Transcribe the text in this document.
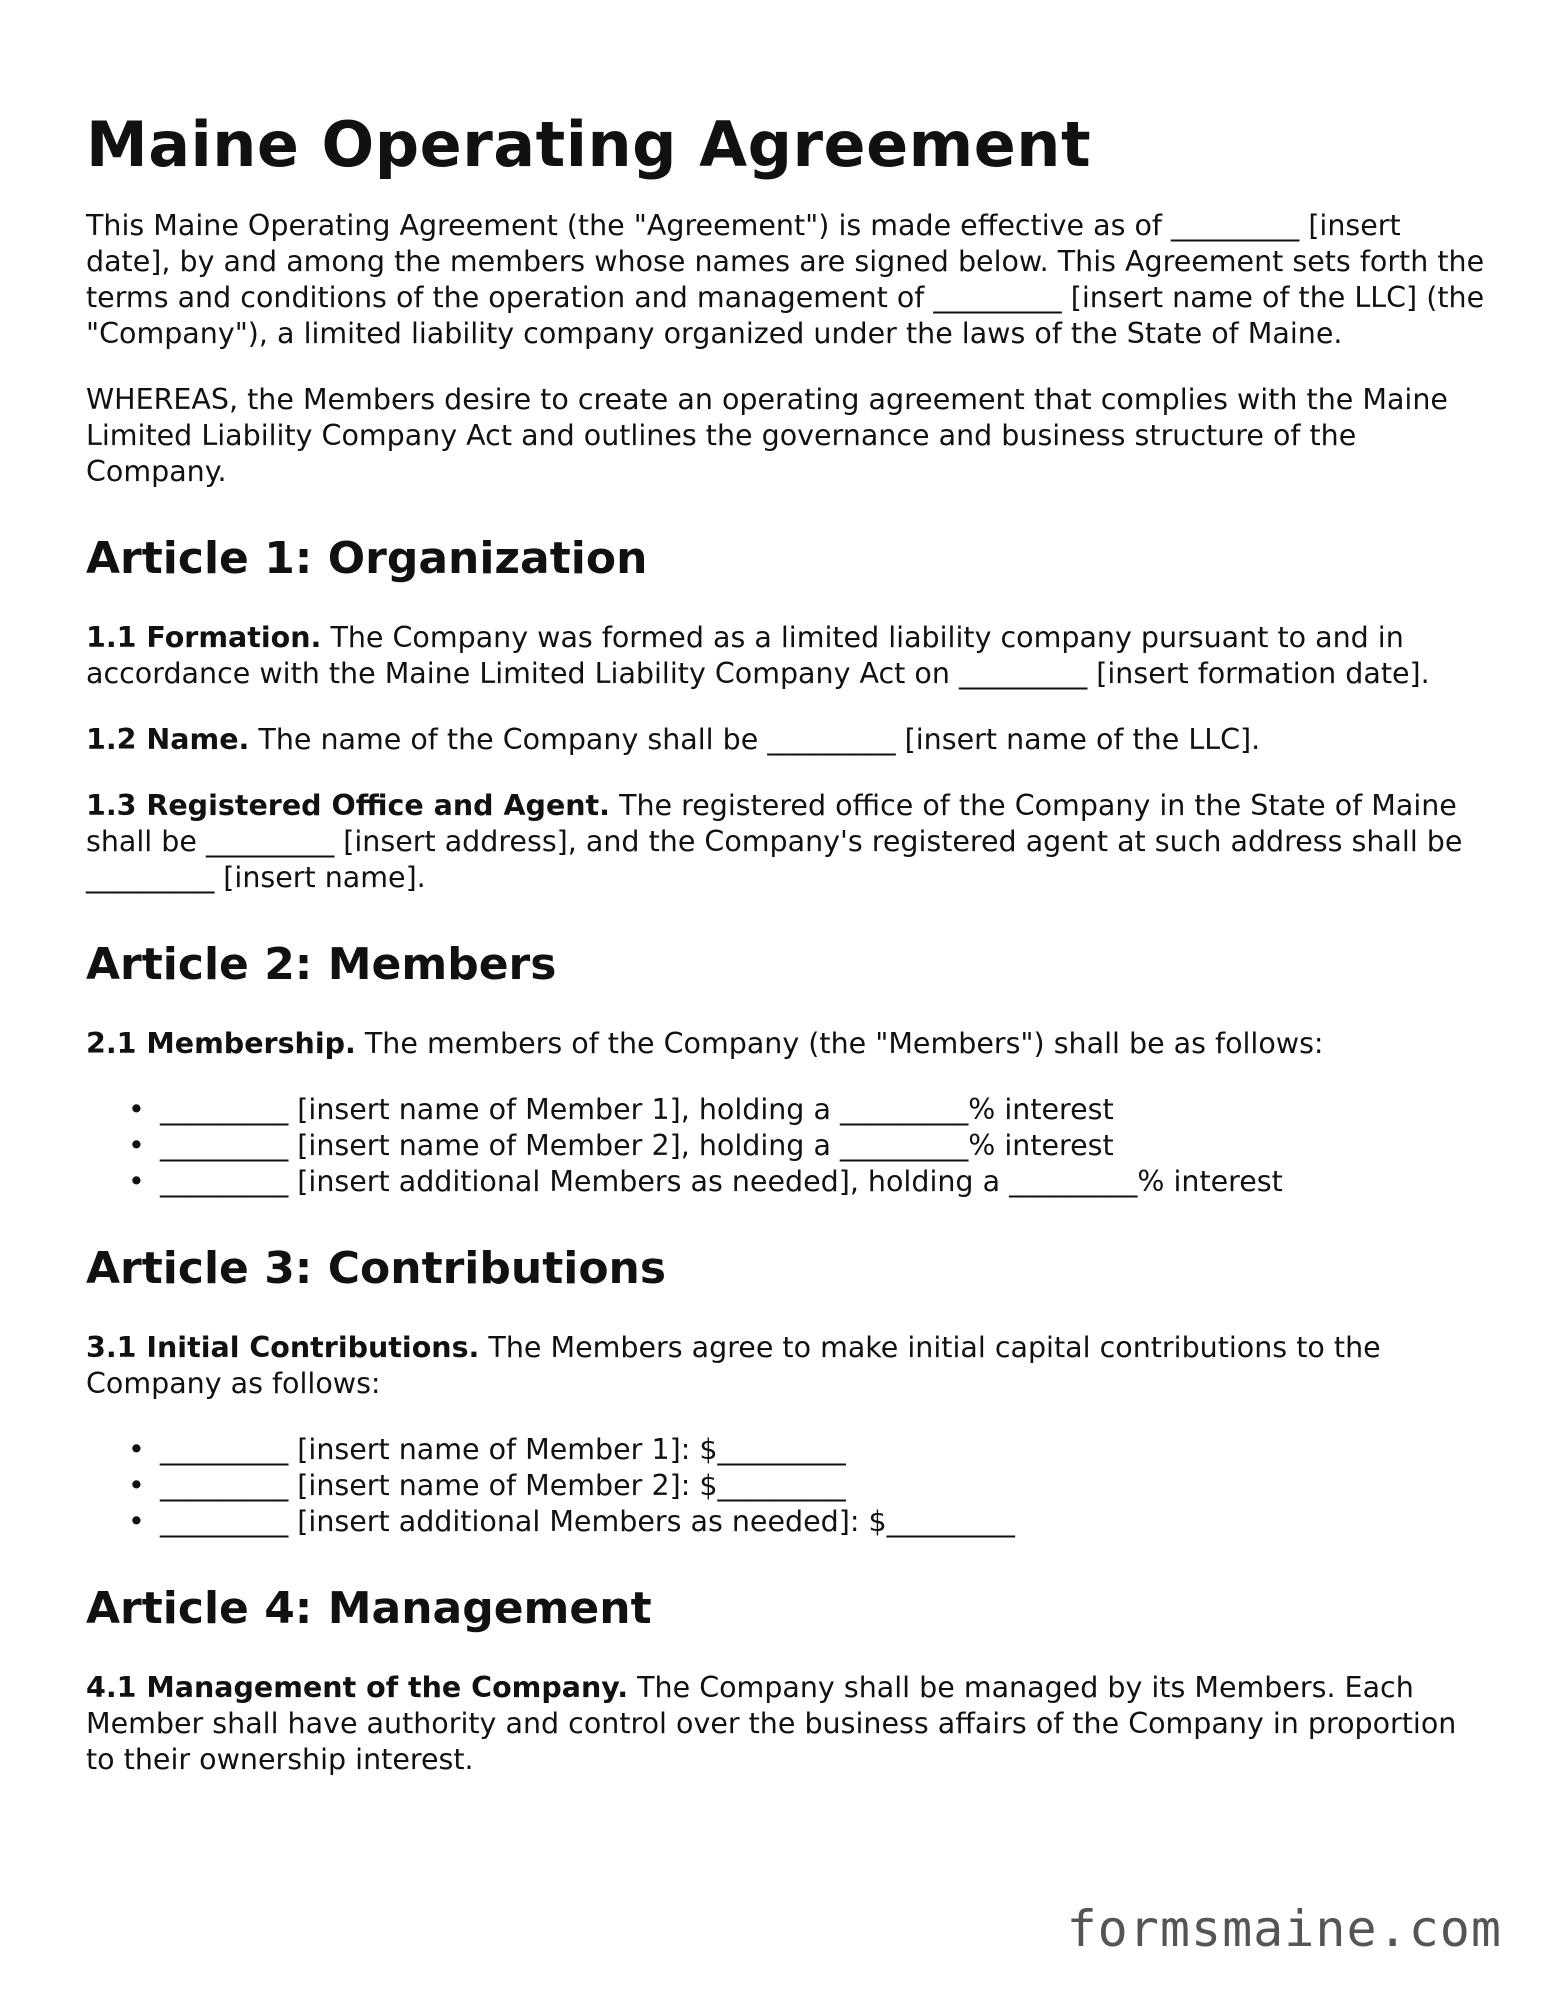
Maine Operating Agreement

This Maine Operating Agreement (the "Agreement") is made effective as of _________ [insert date], by and among the members whose names are signed below. This Agreement sets forth the terms and conditions of the operation and management of _________ [insert name of the LLC] (the "Company"), a limited liability company organized under the laws of the State of Maine.

WHEREAS, the Members desire to create an operating agreement that complies with the Maine Limited Liability Company Act and outlines the governance and business structure of the Company.

Article 1: Organization

1.1 Formation. The Company was formed as a limited liability company pursuant to and in accordance with the Maine Limited Liability Company Act on _________ [insert formation date].

1.2 Name. The name of the Company shall be _________ [insert name of the LLC].

1.3 Registered Office and Agent. The registered office of the Company in the State of Maine shall be _________ [insert address], and the Company's registered agent at such address shall be _________ [insert name].

Article 2: Members

2.1 Membership. The members of the Company (the "Members") shall be as follows:

• _________ [insert name of Member 1], holding a _________% interest
• _________ [insert name of Member 2], holding a _________% interest
• _________ [insert additional Members as needed], holding a _________% interest
Article 3: Contributions

3.1 Initial Contributions. The Members agree to make initial capital contributions to the Company as follows:

• _________ [insert name of Member 1]: $_________
• _________ [insert name of Member 2]: $_________
• _________ [insert additional Members as needed]: $_________
Article 4: Management

4.1 Management of the Company. The Company shall be managed by its Members. Each Member shall have authority and control over the business affairs of the Company in proportion to their ownership interest.

formsmaine.com
